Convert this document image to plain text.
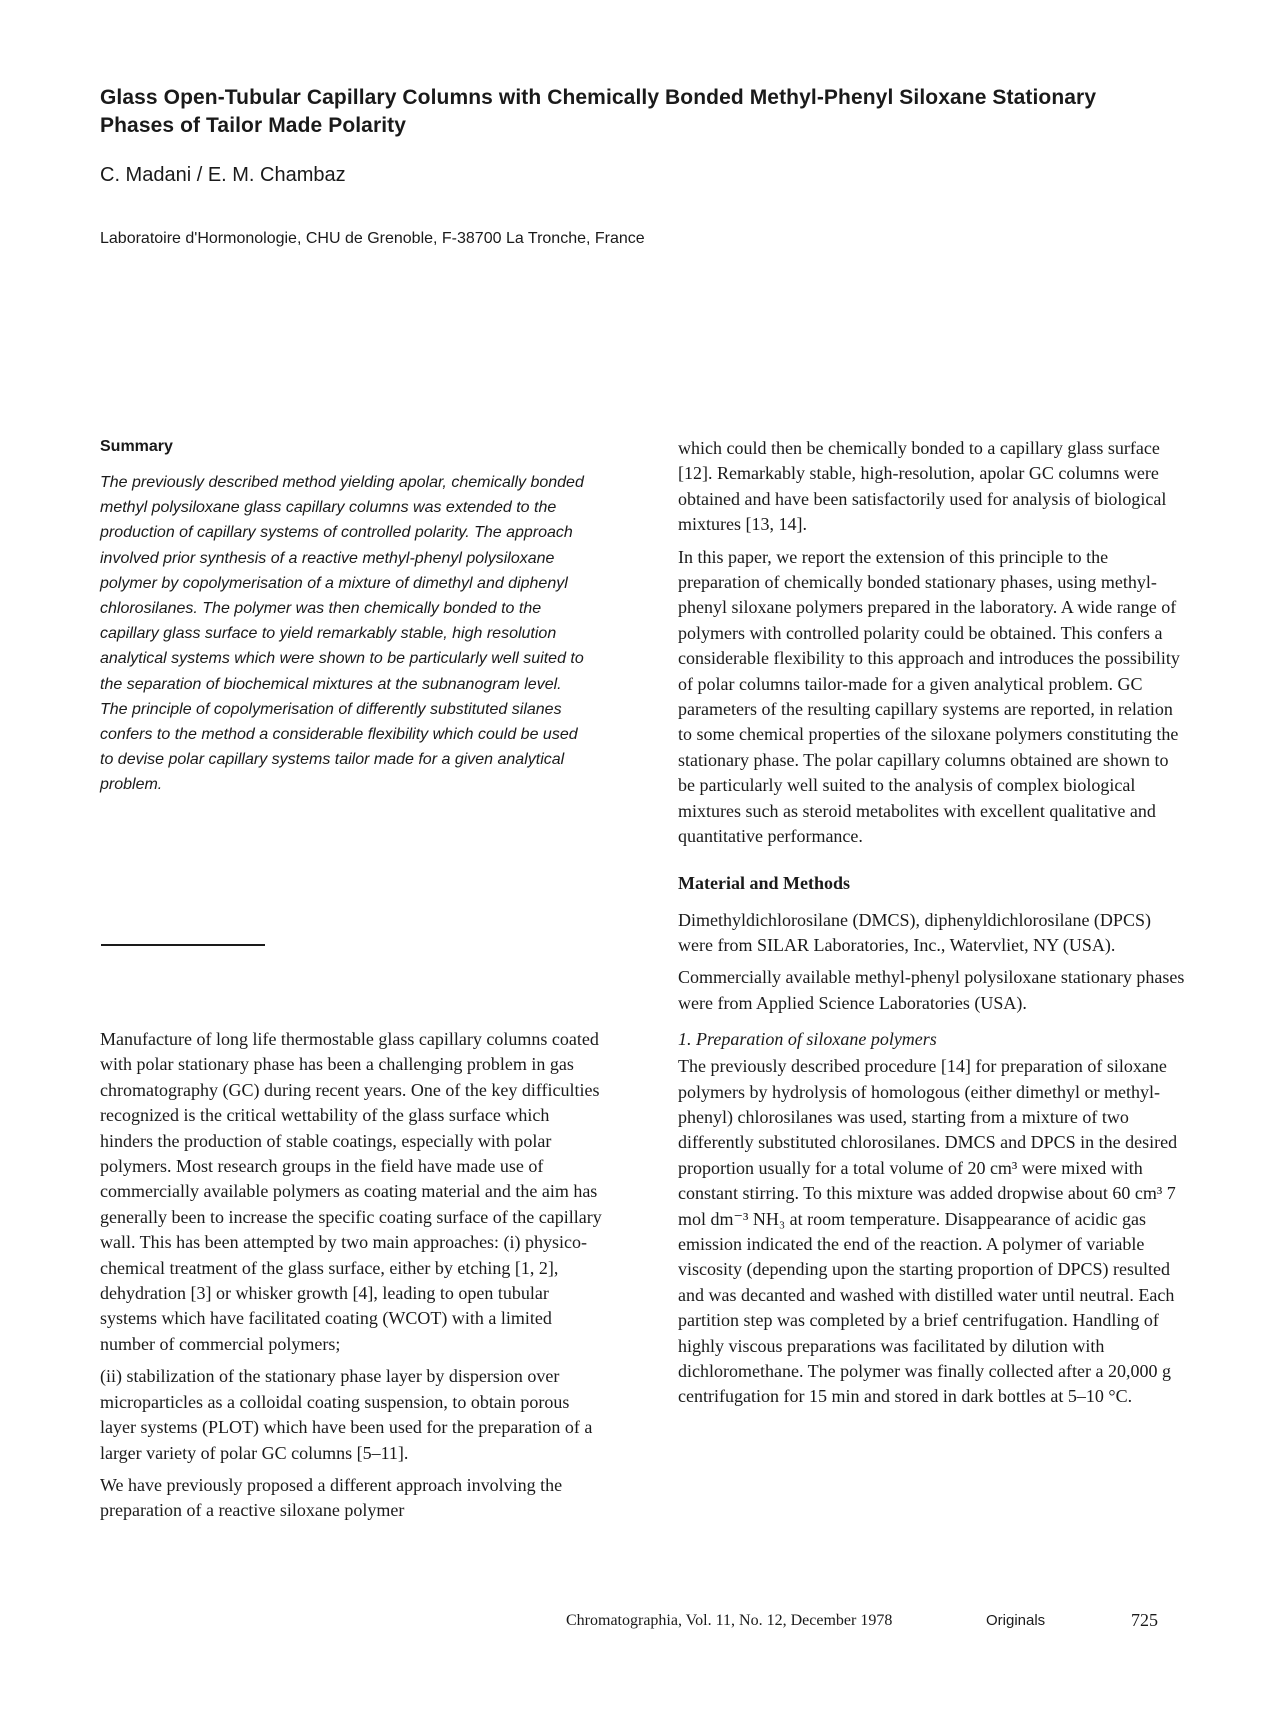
Glass Open-Tubular Capillary Columns with Chemically Bonded Methyl-Phenyl Siloxane Stationary Phases of Tailor Made Polarity
C. Madani / E. M. Chambaz
Laboratoire d'Hormonologie, CHU de Grenoble, F-38700 La Tronche, France
Summary

The previously described method yielding apolar, chemically bonded methyl polysiloxane glass capillary columns was extended to the production of capillary systems of controlled polarity. The approach involved prior synthesis of a reactive methyl-phenyl polysiloxane polymer by copolymerisation of a mixture of dimethyl and diphenyl chlorosilanes. The polymer was then chemically bonded to the capillary glass surface to yield remarkably stable, high resolution analytical systems which were shown to be particularly well suited to the separation of biochemical mixtures at the subnanogram level. The principle of copolymerisation of differently substituted silanes confers to the method a considerable flexibility which could be used to devise polar capillary systems tailor made for a given analytical problem.

Manufacture of long life thermostable glass capillary columns coated with polar stationary phase has been a challenging problem in gas chromatography (GC) during recent years. One of the key difficulties recognized is the critical wettability of the glass surface which hinders the production of stable coatings, especially with polar polymers. Most research groups in the field have made use of commercially available polymers as coating material and the aim has generally been to increase the specific coating surface of the capillary wall. This has been attempted by two main approaches: (i) physico-chemical treatment of the glass surface, either by etching [1, 2], dehydration [3] or whisker growth [4], leading to open tubular systems which have facilitated coating (WCOT) with a limited number of commercial polymers;

(ii) stabilization of the stationary phase layer by dispersion over microparticles as a colloidal coating suspension, to obtain porous layer systems (PLOT) which have been used for the preparation of a larger variety of polar GC columns [5–11].

We have previously proposed a different approach involving the preparation of a reactive siloxane polymer

which could then be chemically bonded to a capillary glass surface [12]. Remarkably stable, high-resolution, apolar GC columns were obtained and have been satisfactorily used for analysis of biological mixtures [13, 14].

In this paper, we report the extension of this principle to the preparation of chemically bonded stationary phases, using methyl-phenyl siloxane polymers prepared in the laboratory. A wide range of polymers with controlled polarity could be obtained. This confers a considerable flexibility to this approach and introduces the possibility of polar columns tailor-made for a given analytical problem. GC parameters of the resulting capillary systems are reported, in relation to some chemical properties of the siloxane polymers constituting the stationary phase. The polar capillary columns obtained are shown to be particularly well suited to the analysis of complex biological mixtures such as steroid metabolites with excellent qualitative and quantitative performance.

Material and Methods

Dimethyldichlorosilane (DMCS), diphenyldichlorosilane (DPCS) were from SILAR Laboratories, Inc., Watervliet, NY (USA).

Commercially available methyl-phenyl polysiloxane stationary phases were from Applied Science Laboratories (USA).

1. Preparation of siloxane polymers

The previously described procedure [14] for preparation of siloxane polymers by hydrolysis of homologous (either dimethyl or methyl-phenyl) chlorosilanes was used, starting from a mixture of two differently substituted chlorosilanes. DMCS and DPCS in the desired proportion usually for a total volume of 20 cm³ were mixed with constant stirring. To this mixture was added dropwise about 60 cm³ 7 mol dm⁻³ NH₃ at room temperature. Disappearance of acidic gas emission indicated the end of the reaction. A polymer of variable viscosity (depending upon the starting proportion of DPCS) resulted and was decanted and washed with distilled water until neutral. Each partition step was completed by a brief centrifugation. Handling of highly viscous preparations was facilitated by dilution with dichloromethane. The polymer was finally collected after a 20,000 g centrifugation for 15 min and stored in dark bottles at 5–10 °C.

Chromatographia, Vol. 11, No. 12, December 1978	Originals	725
